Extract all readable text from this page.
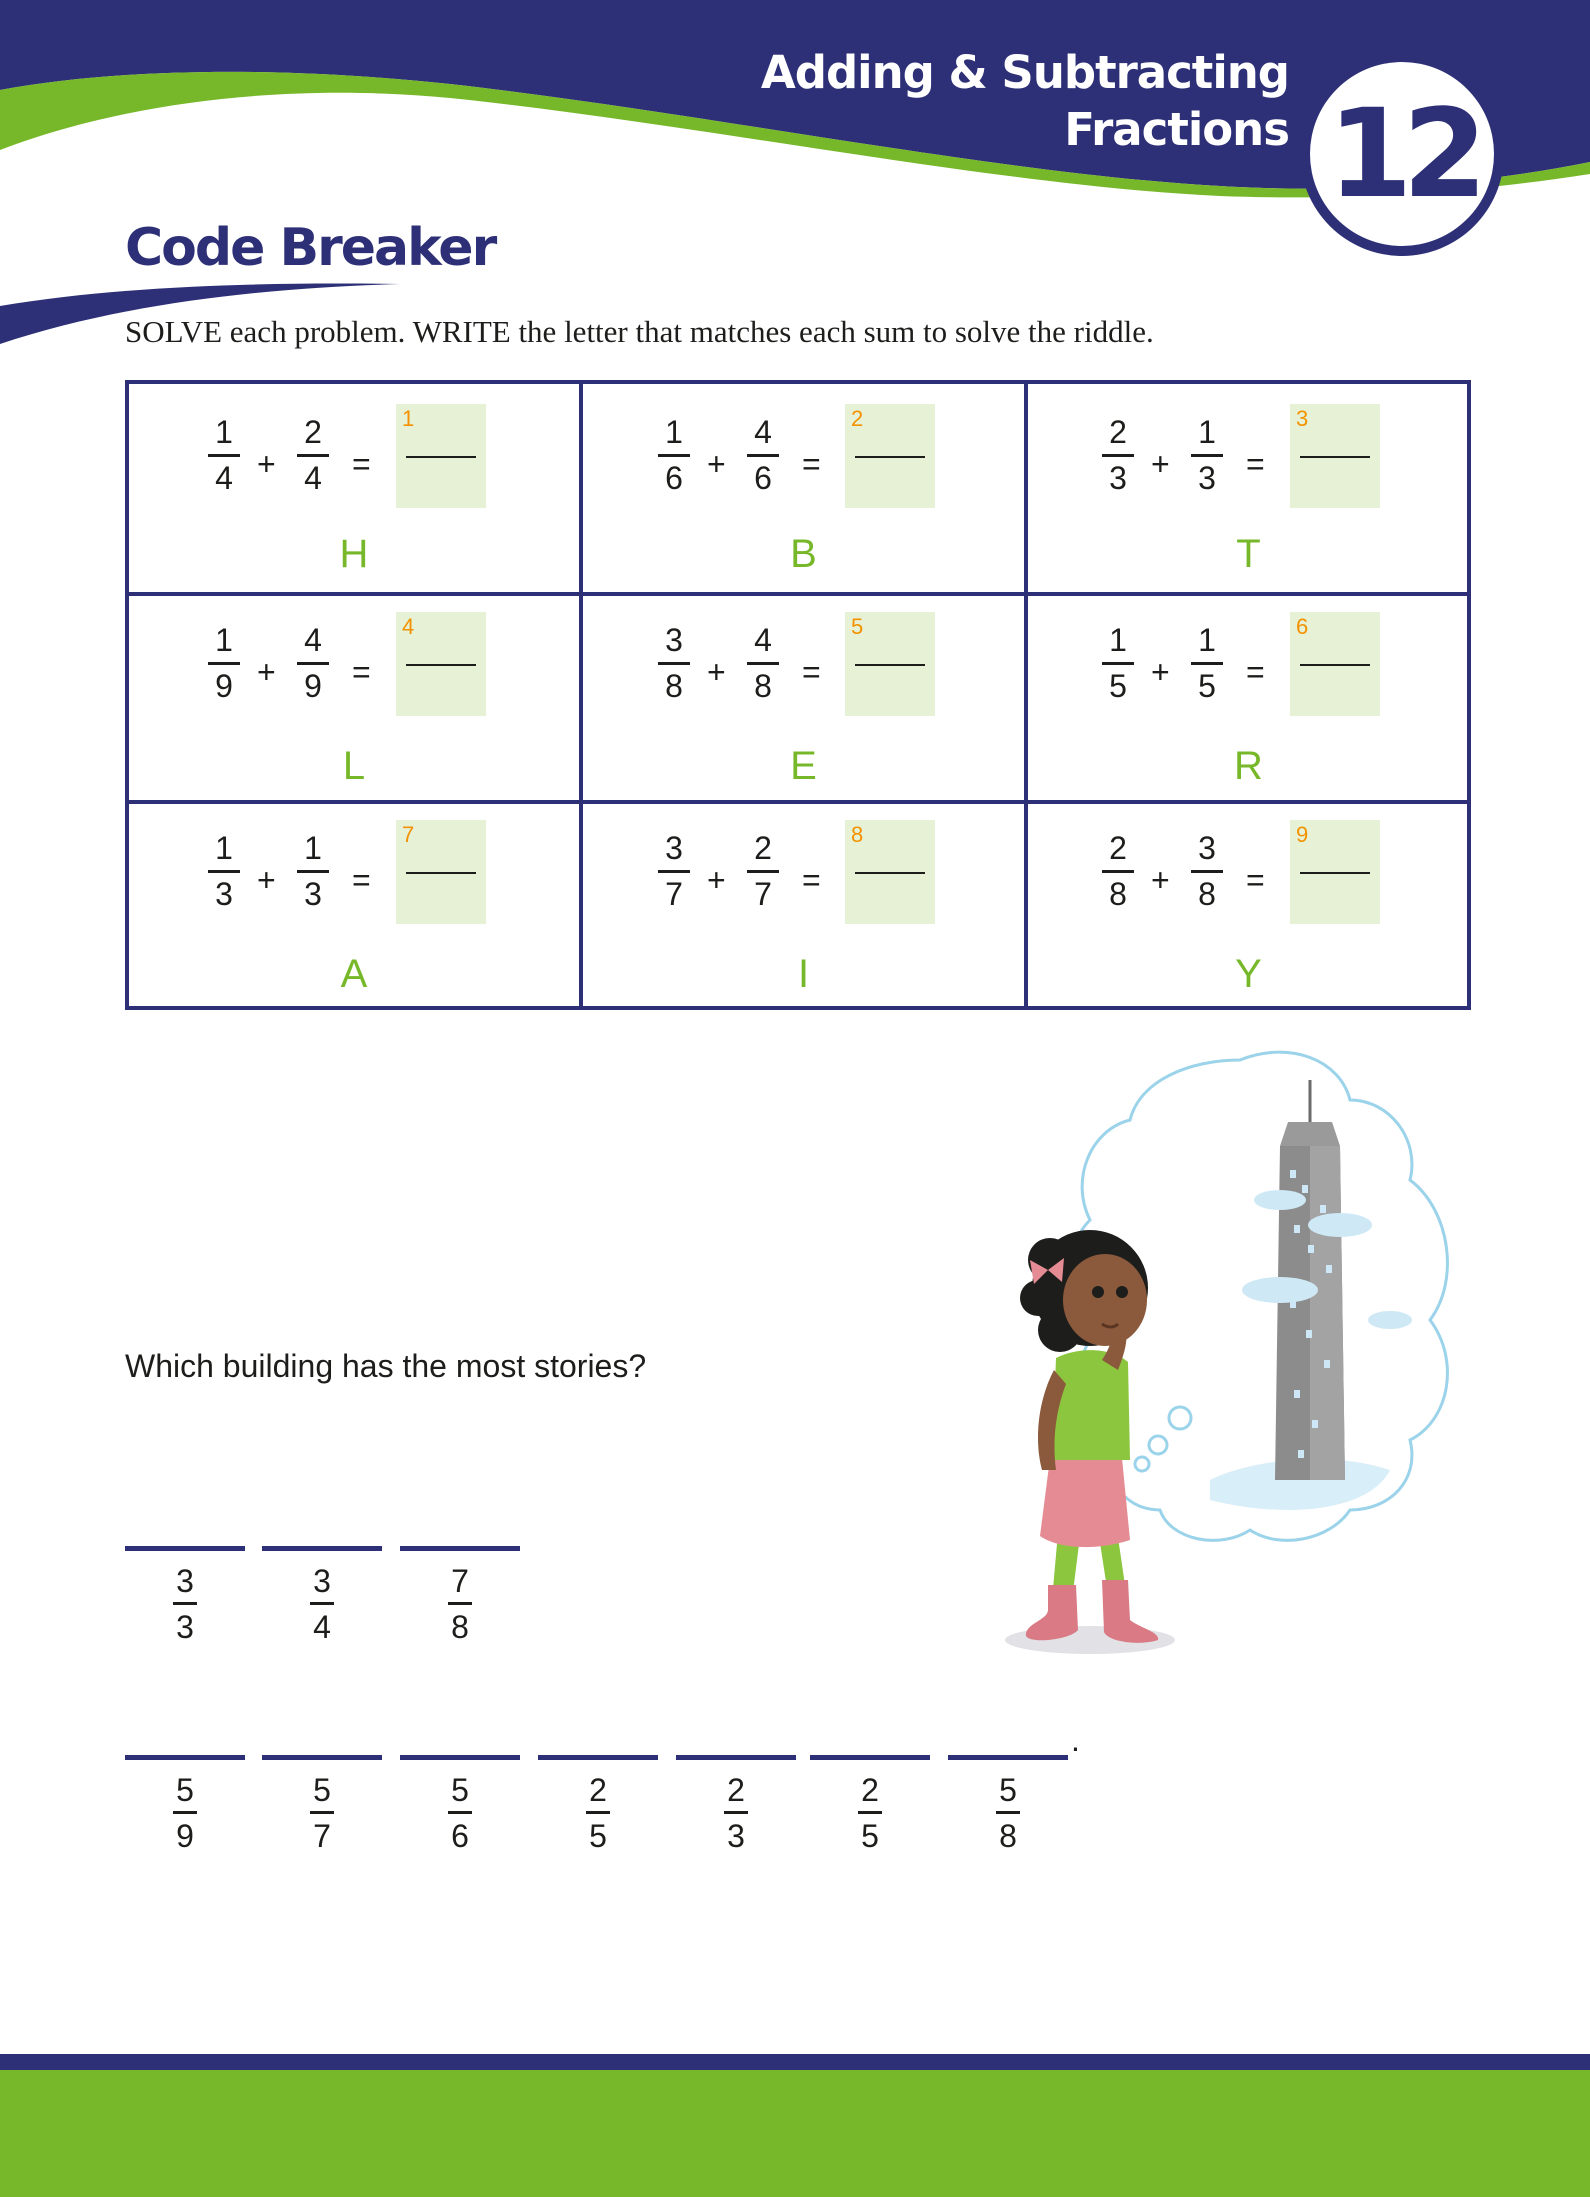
Adding & Subtracting
Fractions 12
Code Breaker
SOLVE each problem. WRITE the letter that matches each sum to solve the riddle.
1
4 +
2
4 =
1
H
1
6 +
4
6 =
2
B
2
3 +
1
3 =
3
T
1
9 +
4
9 =
4
L
3
8 +
4
8 =
5
E
1
5 +
1
5 =
6
R
1
3 +
1
3 =
7
A
3
7 +
2
7 =
8
I
2
8 +
3
8 =
9
Y
Which building has the most stories?
3
3
3
4
7
8
5
9
5
7
5
6
2
5
2
3
2
5
5
8
.
